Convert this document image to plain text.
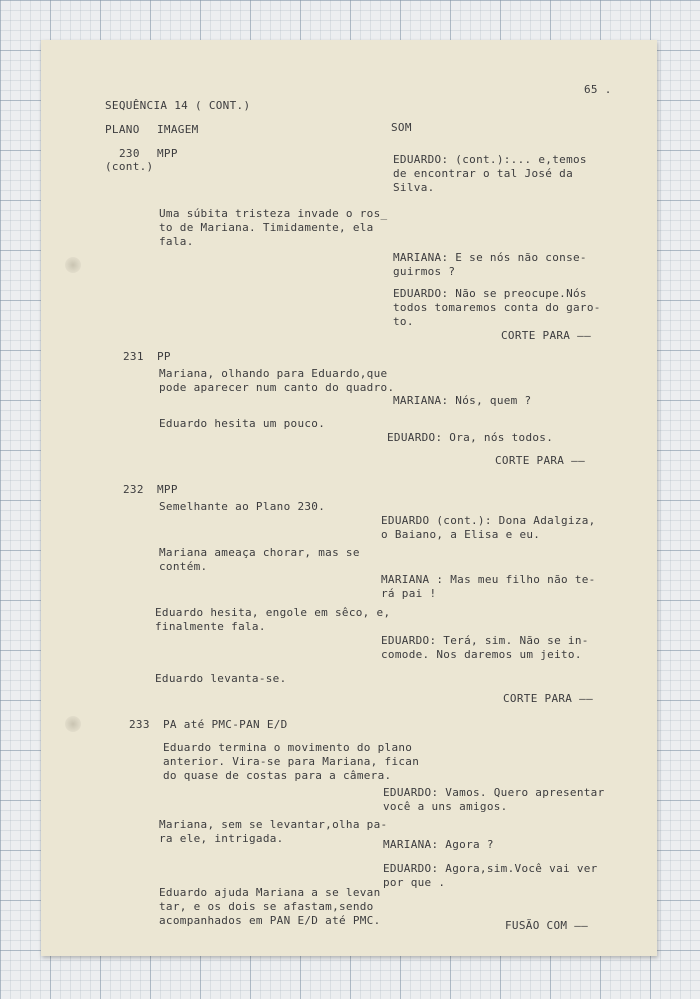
65 .
SEQUÊNCIA 14 ( CONT.)
PLANO IMAGEM	SOM
230 MPP
(cont.)
EDUARDO: (cont.):... e,temos
de encontrar o tal José da
Silva.
Uma súbita tristeza invade o ros_
to de Mariana. Timidamente, ela
fala.
MARIANA: E se nós não conse-
guirmos ?
EDUARDO: Não se preocupe.Nós
todos tomaremos conta do garo-
to.
CORTE PARA ——
231 PP
Mariana, olhando para Eduardo,que
pode aparecer num canto do quadro.
MARIANA: Nós, quem ?
Eduardo hesita um pouco.
EDUARDO: Ora, nós todos.
CORTE PARA ——
232 MPP
Semelhante ao Plano 230.
EDUARDO (cont.): Dona Adalgiza,
o Baiano, a Elisa e eu.
Mariana ameaça chorar, mas se
contém.
MARIANA : Mas meu filho não te-
rá pai !
Eduardo hesita, engole em sêco, e,
finalmente fala.
EDUARDO: Terá, sim. Não se in-
comode. Nos daremos um jeito.
Eduardo levanta-se.
CORTE PARA ——
233 PA até PMC-PAN E/D
Eduardo termina o movimento do plano
anterior. Vira-se para Mariana, fican
do quase de costas para a câmera.
EDUARDO: Vamos. Quero apresentar
você a uns amigos.
Mariana, sem se levantar,olha pa-
ra ele, intrigada.	MARIANA: Agora ?
EDUARDO: Agora,sim.Você vai ver
por que .
Eduardo ajuda Mariana a se levan
tar, e os dois se afastam,sendo
acompanhados em PAN E/D até PMC.	FUSÃO COM ——
